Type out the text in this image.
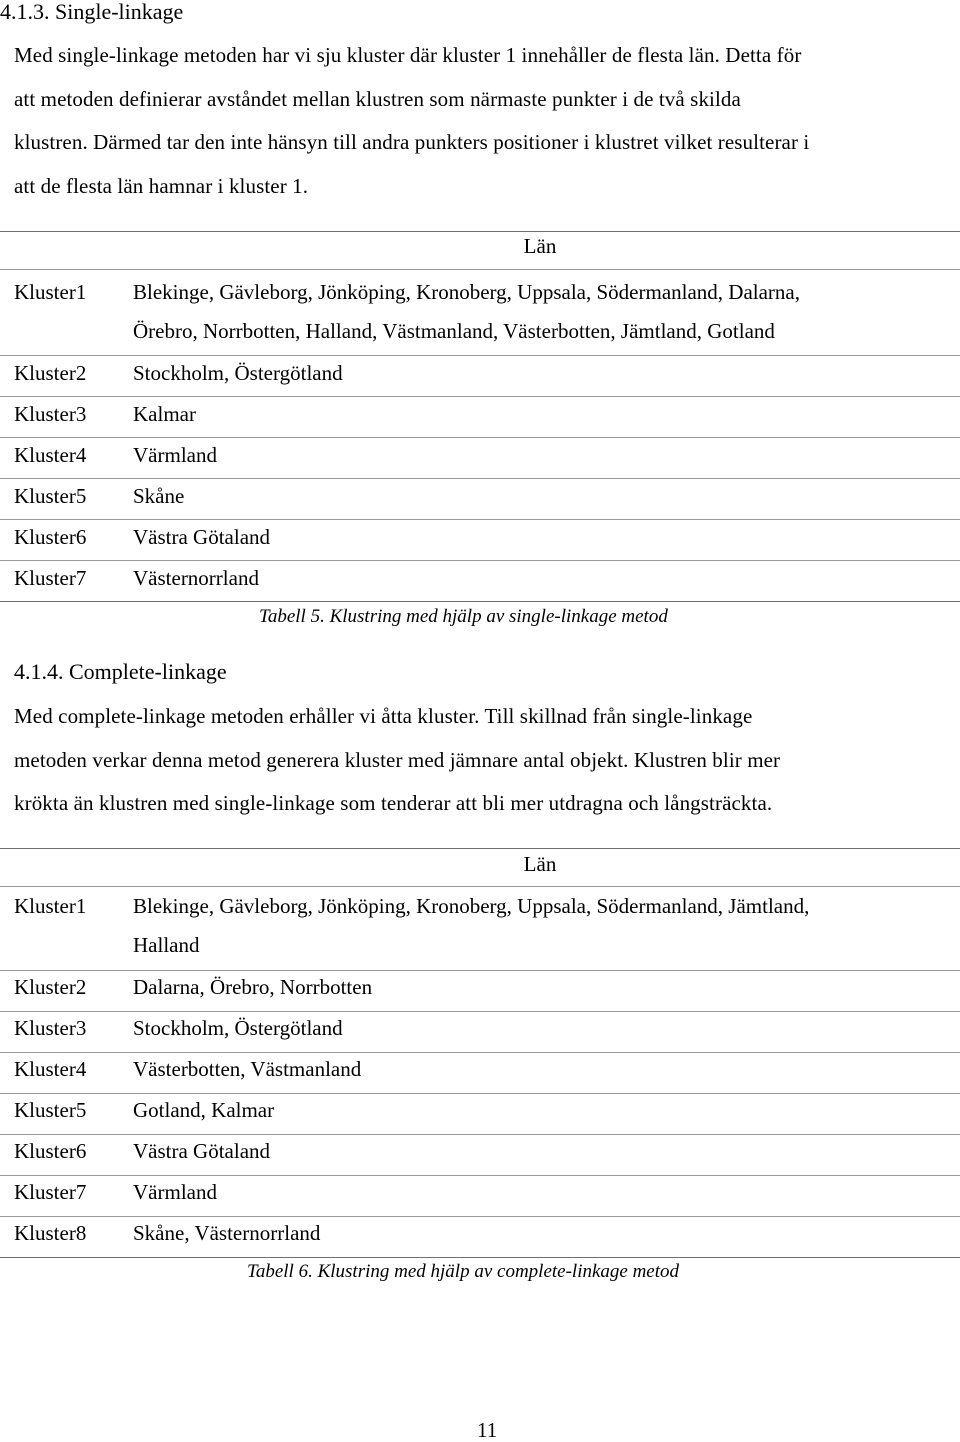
4.1.3. Single-linkage
Med single-linkage metoden har vi sju kluster där kluster 1 innehåller de flesta län. Detta för
att metoden definierar avståndet mellan klustren som närmaste punkter i de två skilda
klustren. Därmed tar den inte hänsyn till andra punkters positioner i klustret vilket resulterar i
att de flesta län hamnar i kluster 1.
Län
Kluster1 Blekinge, Gävleborg, Jönköping, Kronoberg, Uppsala, Södermanland, Dalarna,
Örebro, Norrbotten, Halland, Västmanland, Västerbotten, Jämtland, Gotland
Kluster2 Stockholm, Östergötland
Kluster3 Kalmar
Kluster4 Värmland
Kluster5 Skåne
Kluster6 Västra Götaland
Kluster7 Västernorrland
Tabell 5. Klustring med hjälp av single-linkage metod
4.1.4. Complete-linkage
Med complete-linkage metoden erhåller vi åtta kluster. Till skillnad från single-linkage
metoden verkar denna metod generera kluster med jämnare antal objekt. Klustren blir mer
krökta än klustren med single-linkage som tenderar att bli mer utdragna och långsträckta.
Län
Kluster1 Blekinge, Gävleborg, Jönköping, Kronoberg, Uppsala, Södermanland, Jämtland,
Halland
Kluster2 Dalarna, Örebro, Norrbotten
Kluster3 Stockholm, Östergötland
Kluster4 Västerbotten, Västmanland
Kluster5 Gotland, Kalmar
Kluster6 Västra Götaland
Kluster7 Värmland
Kluster8 Skåne, Västernorrland
Tabell 6. Klustring med hjälp av complete-linkage metod
11
